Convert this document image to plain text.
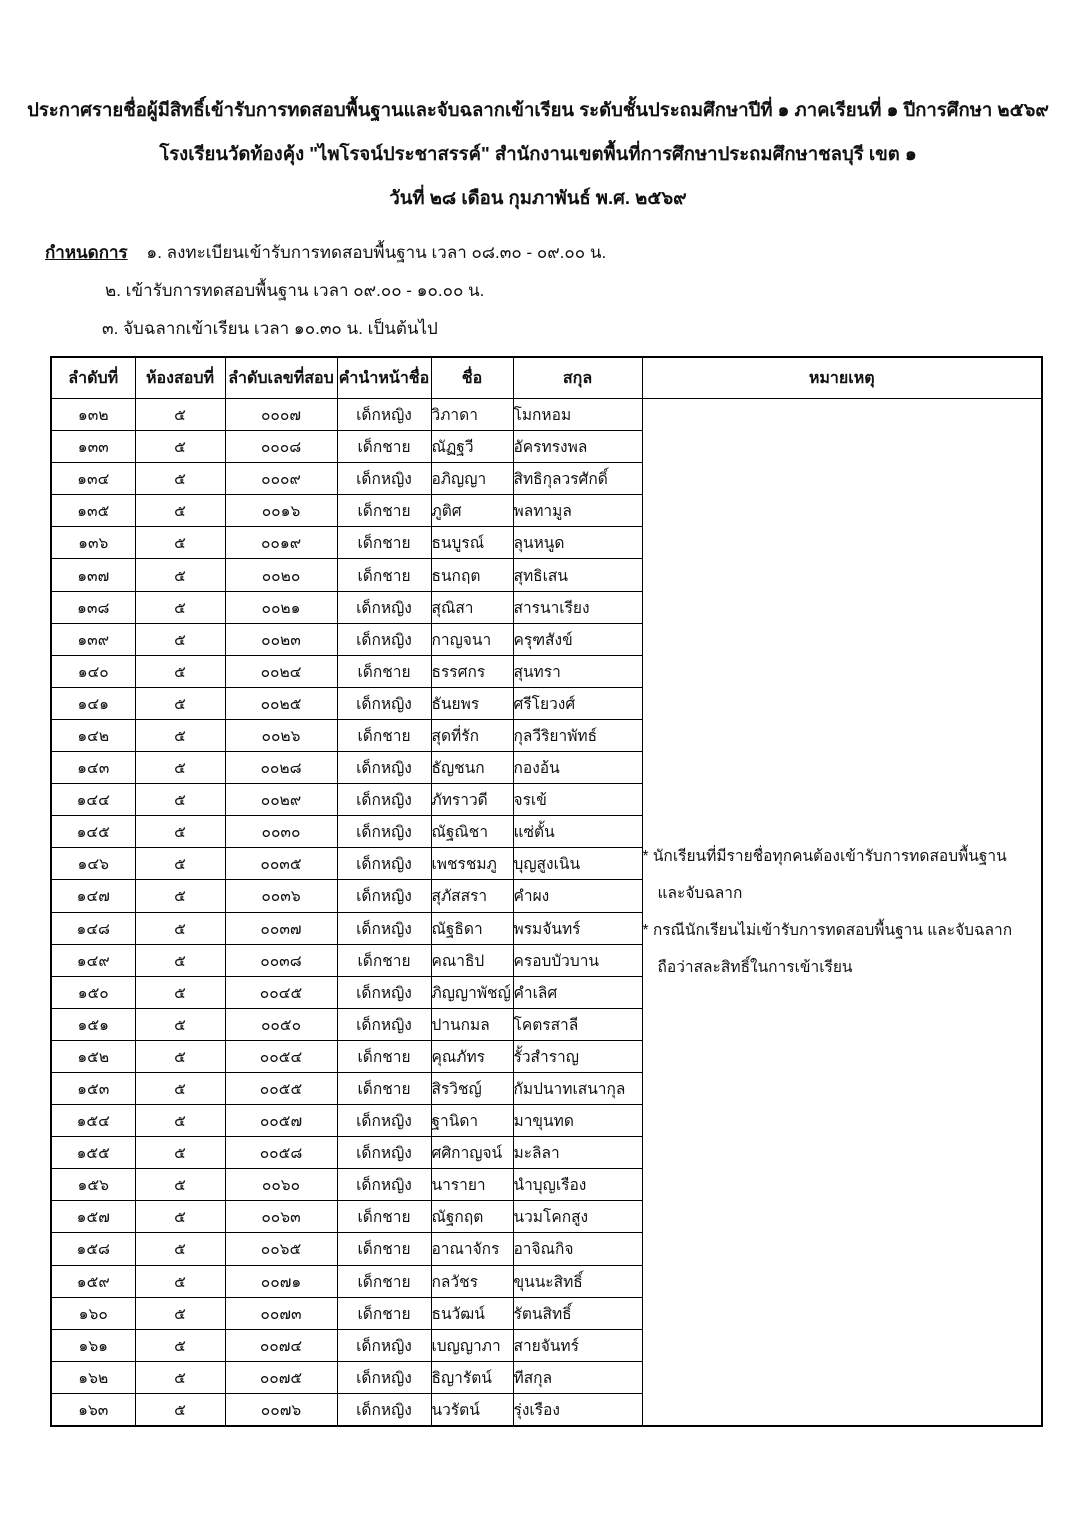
ประกาศรายชื่อผู้มีสิทธิ์เข้ารับการทดสอบพื้นฐานและจับฉลากเข้าเรียน ระดับชั้นประถมศึกษาปีที่ ๑ ภาคเรียนที่ ๑ ปีการศึกษา ๒๕๖๙
โรงเรียนวัดท้องคุ้ง "ไพโรจน์ประชาสรรค์" สำนักงานเขตพื้นที่การศึกษาประถมศึกษาชลบุรี เขต ๑
วันที่ ๒๘ เดือน กุมภาพันธ์ พ.ศ. ๒๕๖๙
กำหนดการ ๑. ลงทะเบียนเข้ารับการทดสอบพื้นฐาน เวลา ๐๘.๓๐ - ๐๙.๐๐ น.
๒. เข้ารับการทดสอบพื้นฐาน เวลา ๐๙.๐๐ - ๑๐.๐๐ น.
๓. จับฉลากเข้าเรียน เวลา ๑๐.๓๐ น. เป็นต้นไป
ลำดับที่	ห้องสอบที่	ลำดับเลขที่สอบ	คำนำหน้าชื่อ	ชื่อ	สกุล	หมายเหตุ
๑๓๒	๕	๐๐๐๗	เด็กหญิง	วิภาดา	โมกหอม	* นักเรียนที่มีรายชื่อทุกคนต้องเข้ารับการทดสอบพื้นฐาน
และจับฉลาก
* กรณีนักเรียนไม่เข้ารับการทดสอบพื้นฐาน และจับฉลาก
ถือว่าสละสิทธิ์ในการเข้าเรียน

๑๓๓	๕	๐๐๐๘	เด็กชาย	ณัฏฐวี	อัครทรงพล	
๑๓๔	๕	๐๐๐๙	เด็กหญิง	อภิญญา	สิทธิกุลวรศักดิ์	
๑๓๕	๕	๐๐๑๖	เด็กชาย	ภูติศ	พลทามูล	
๑๓๖	๕	๐๐๑๙	เด็กชาย	ธนบูรณ์	ลุนหนูด	
๑๓๗	๕	๐๐๒๐	เด็กชาย	ธนกฤต	สุทธิเสน	
๑๓๘	๕	๐๐๒๑	เด็กหญิง	สุณิสา	สารนาเรียง	
๑๓๙	๕	๐๐๒๓	เด็กหญิง	กาญจนา	ครุฑสังข์	
๑๔๐	๕	๐๐๒๔	เด็กชาย	ธรรศกร	สุนทรา	
๑๔๑	๕	๐๐๒๕	เด็กหญิง	ธันยพร	ศรีโยวงศ์	
๑๔๒	๕	๐๐๒๖	เด็กชาย	สุดที่รัก	กุลวีริยาพัทธ์	
๑๔๓	๕	๐๐๒๘	เด็กหญิง	ธัญชนก	กองอ้น	
๑๔๔	๕	๐๐๒๙	เด็กหญิง	ภัทราวดี	จรเข้	
๑๔๕	๕	๐๐๓๐	เด็กหญิง	ณัฐณิชา	แซ่ตั้น	
๑๔๖	๕	๐๐๓๕	เด็กหญิง	เพชรชมภู	บุญสูงเนิน	
๑๔๗	๕	๐๐๓๖	เด็กหญิง	สุภัสสรา	คำผง	
๑๔๘	๕	๐๐๓๗	เด็กหญิง	ณัฐธิดา	พรมจันทร์	
๑๔๙	๕	๐๐๓๘	เด็กชาย	คณาธิป	ครอบบัวบาน	
๑๕๐	๕	๐๐๔๕	เด็กหญิง	ภิญญาพัชญ์	คำเลิศ	
๑๕๑	๕	๐๐๕๐	เด็กหญิง	ปานกมล	โคตรสาลี	
๑๕๒	๕	๐๐๕๔	เด็กชาย	คุณภัทร	รั้วสำราญ	
๑๕๓	๕	๐๐๕๕	เด็กชาย	สิรวิชญ์	กัมปนาทเสนากุล	
๑๕๔	๕	๐๐๕๗	เด็กหญิง	ฐานิดา	มาขุนทด	
๑๕๕	๕	๐๐๕๘	เด็กหญิง	ศศิกาญจน์	มะลิลา	
๑๕๖	๕	๐๐๖๐	เด็กหญิง	นารายา	นำบุญเรือง	
๑๕๗	๕	๐๐๖๓	เด็กชาย	ณัฐกฤต	นวมโคกสูง	
๑๕๘	๕	๐๐๖๕	เด็กชาย	อาณาจักร	อาจิณกิจ	
๑๕๙	๕	๐๐๗๑	เด็กชาย	กลวัชร	ขุนนะสิทธิ์	
๑๖๐	๕	๐๐๗๓	เด็กชาย	ธนวัฒน์	รัตนสิทธิ์	
๑๖๑	๕	๐๐๗๔	เด็กหญิง	เบญญาภา	สายจันทร์	
๑๖๒	๕	๐๐๗๕	เด็กหญิง	ธิญารัตน์	ทีสกุล	
๑๖๓	๕	๐๐๗๖	เด็กหญิง	นวรัตน์	รุ่งเรือง	
